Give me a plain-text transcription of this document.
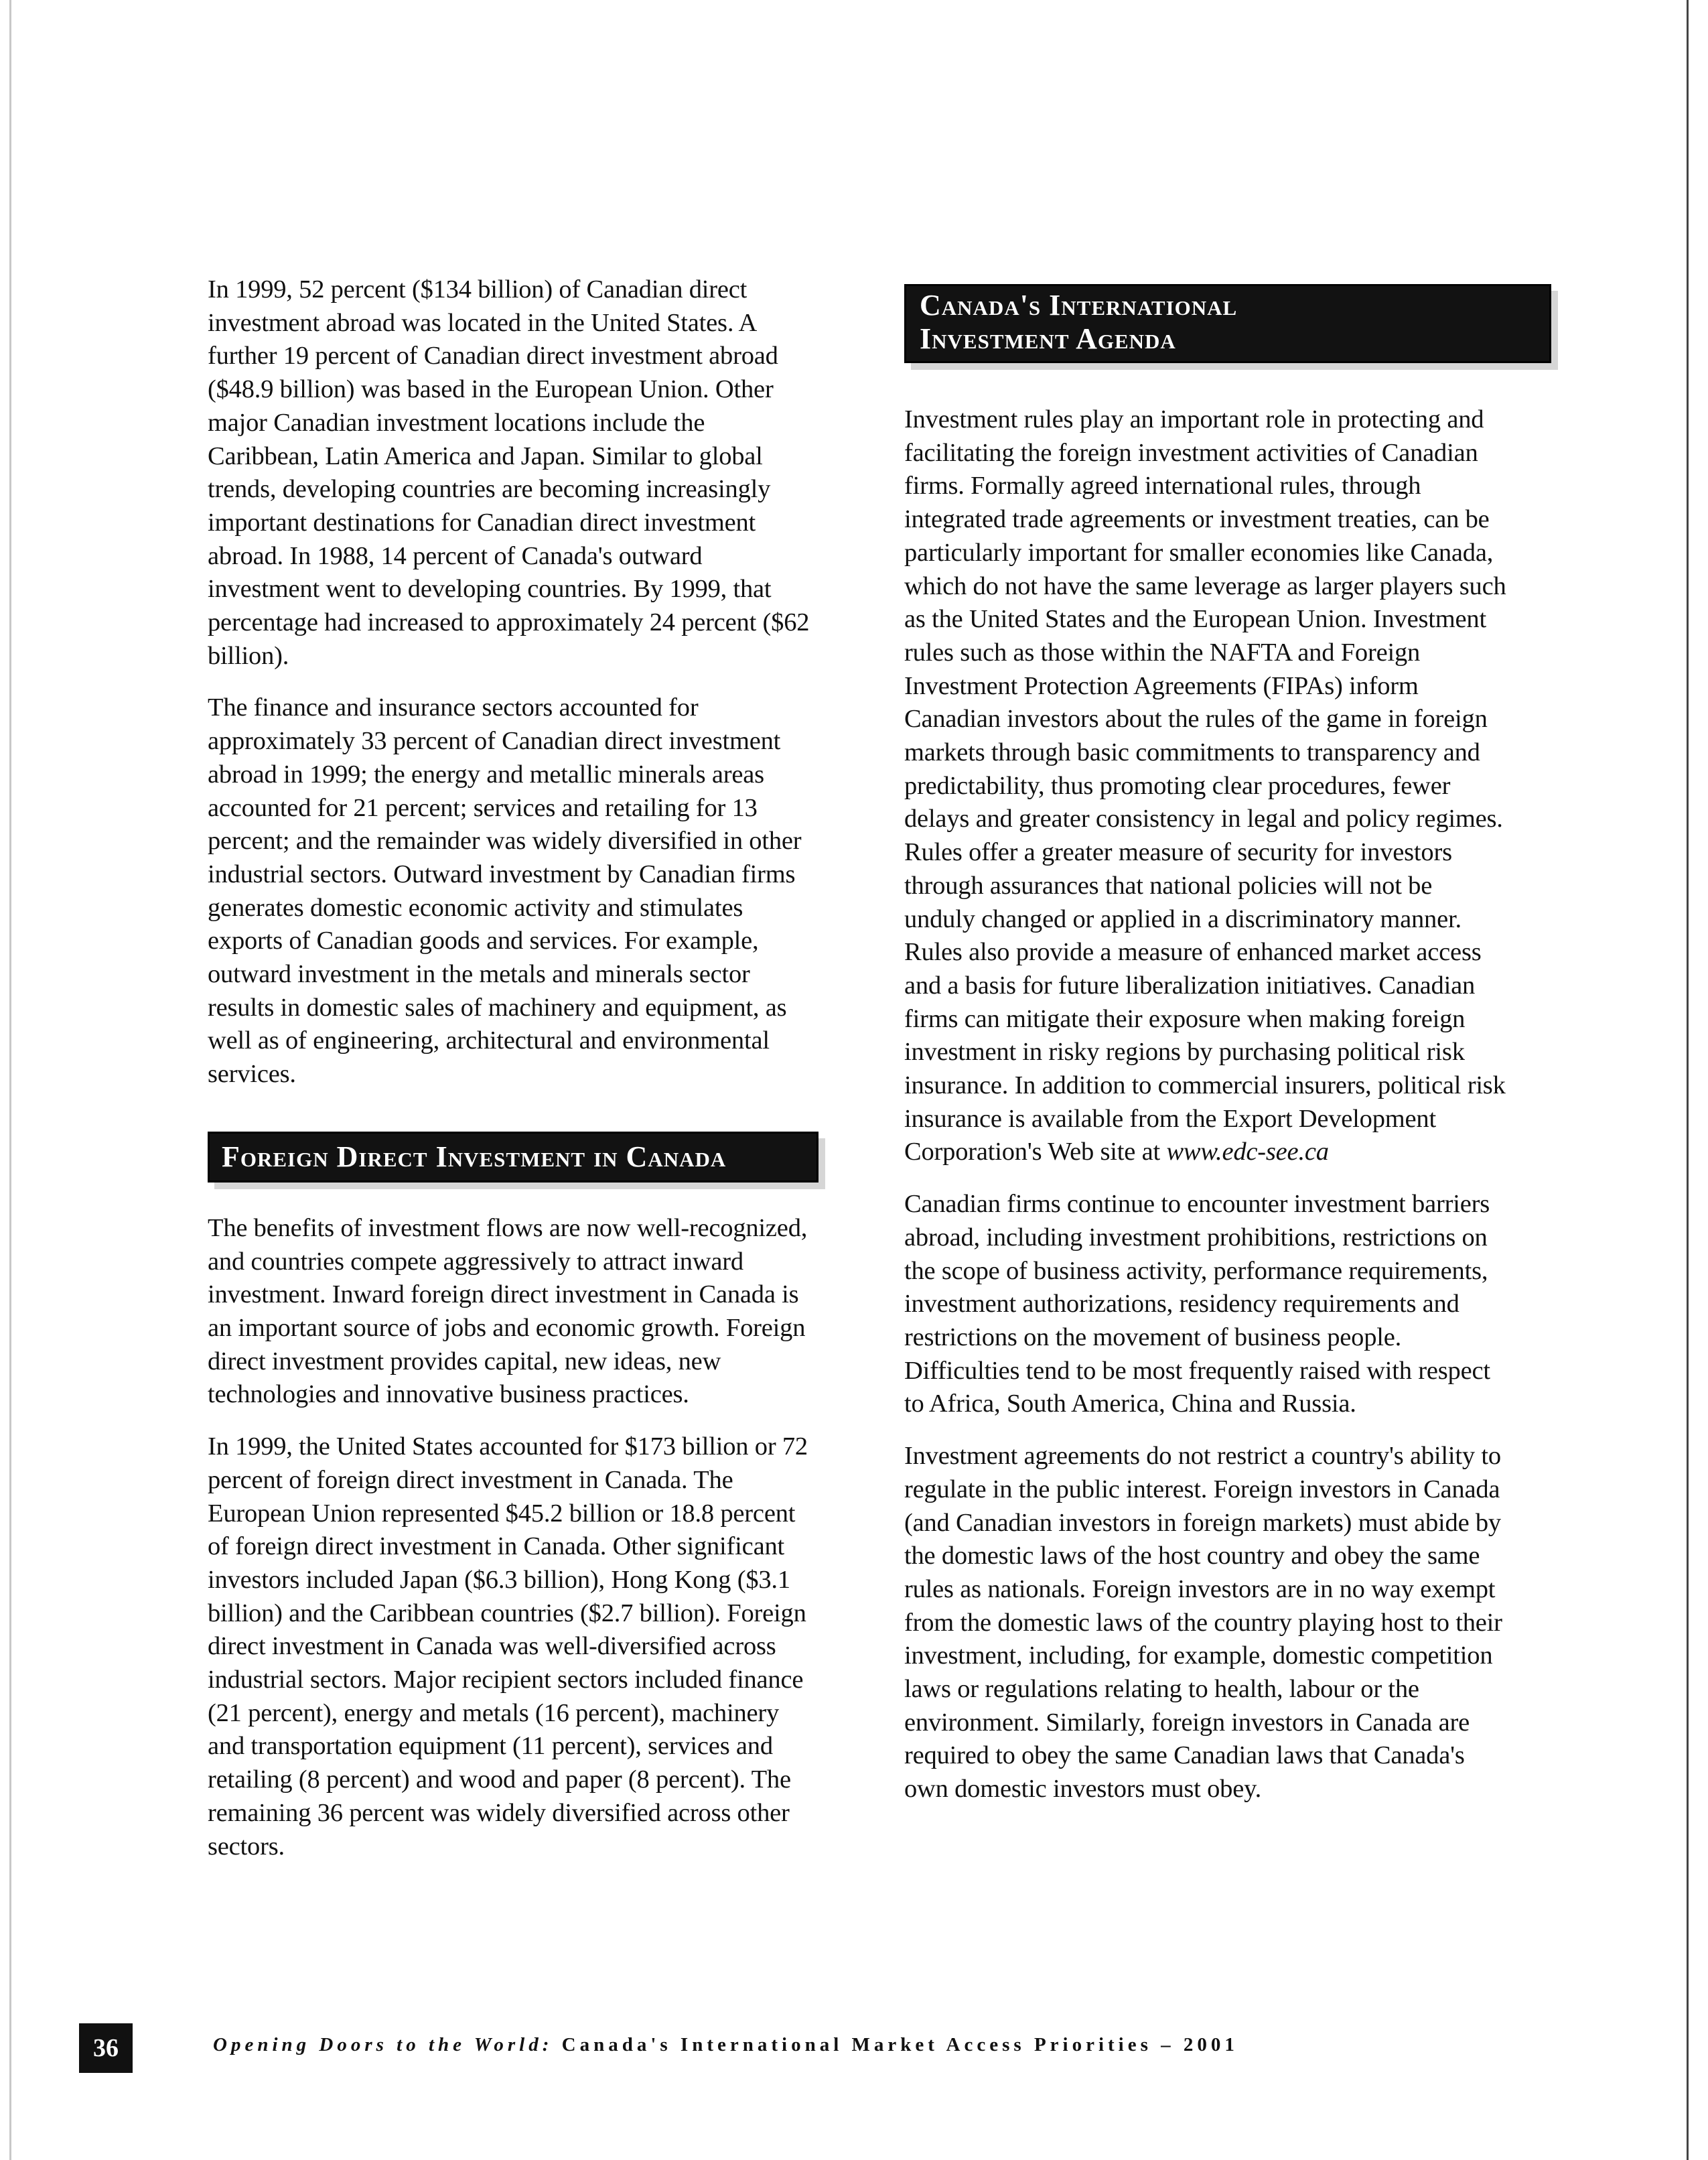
In 1999, 52 percent ($134 billion) of Canadian direct investment abroad was located in the United States. A further 19 percent of Canadian direct investment abroad ($48.9 billion) was based in the European Union. Other major Canadian investment locations include the Caribbean, Latin America and Japan. Similar to global trends, developing countries are becoming increasingly important destinations for Canadian direct investment abroad. In 1988, 14 percent of Canada's outward investment went to developing countries. By 1999, that percentage had increased to approximately 24 percent ($62 billion).

The finance and insurance sectors accounted for approximately 33 percent of Canadian direct investment abroad in 1999; the energy and metallic minerals areas accounted for 21 percent; services and retailing for 13 percent; and the remainder was widely diversified in other industrial sectors. Outward investment by Canadian firms generates domestic economic activity and stimulates exports of Canadian goods and services. For example, outward investment in the metals and minerals sector results in domestic sales of machinery and equipment, as well as of engineering, architectural and environmental services.

Foreign Direct Investment in Canada

The benefits of investment flows are now well-recognized, and countries compete aggressively to attract inward investment. Inward foreign direct investment in Canada is an important source of jobs and economic growth. Foreign direct investment provides capital, new ideas, new technologies and innovative business practices.

In 1999, the United States accounted for $173 billion or 72 percent of foreign direct investment in Canada. The European Union represented $45.2 billion or 18.8 percent of foreign direct investment in Canada. Other significant investors included Japan ($6.3 billion), Hong Kong ($3.1 billion) and the Caribbean countries ($2.7 billion). Foreign direct investment in Canada was well-diversified across industrial sectors. Major recipient sectors included finance (21 percent), energy and metals (16 percent), machinery and transportation equipment (11 percent), services and retailing (8 percent) and wood and paper (8 percent). The remaining 36 percent was widely diversified across other sectors.

Canada's International
Investment Agenda

Investment rules play an important role in protecting and facilitating the foreign investment activities of Canadian firms. Formally agreed international rules, through integrated trade agreements or investment treaties, can be particularly important for smaller economies like Canada, which do not have the same leverage as larger players such as the United States and the European Union. Investment rules such as those within the NAFTA and Foreign Investment Protection Agreements (FIPAs) inform Canadian investors about the rules of the game in foreign markets through basic commitments to transparency and predictability, thus promoting clear procedures, fewer delays and greater consistency in legal and policy regimes. Rules offer a greater measure of security for investors through assurances that national policies will not be unduly changed or applied in a discriminatory manner. Rules also provide a measure of enhanced market access and a basis for future liberalization initiatives. Canadian firms can mitigate their exposure when making foreign investment in risky regions by purchasing political risk insurance. In addition to commercial insurers, political risk insurance is available from the Export Development Corporation's Web site at www.edc-see.ca

Canadian firms continue to encounter investment barriers abroad, including investment prohibitions, restrictions on the scope of business activity, performance requirements, investment authorizations, residency requirements and restrictions on the movement of business people. Difficulties tend to be most frequently raised with respect to Africa, South America, China and Russia.

Investment agreements do not restrict a country's ability to regulate in the public interest. Foreign investors in Canada (and Canadian investors in foreign markets) must abide by the domestic laws of the host country and obey the same rules as nationals. Foreign investors are in no way exempt from the domestic laws of the country playing host to their investment, including, for example, domestic competition laws or regulations relating to health, labour or the environment. Similarly, foreign investors in Canada are required to obey the same Canadian laws that Canada's own domestic investors must obey.

36	Opening Doors to the World: Canada's International Market Access Priorities – 2001
